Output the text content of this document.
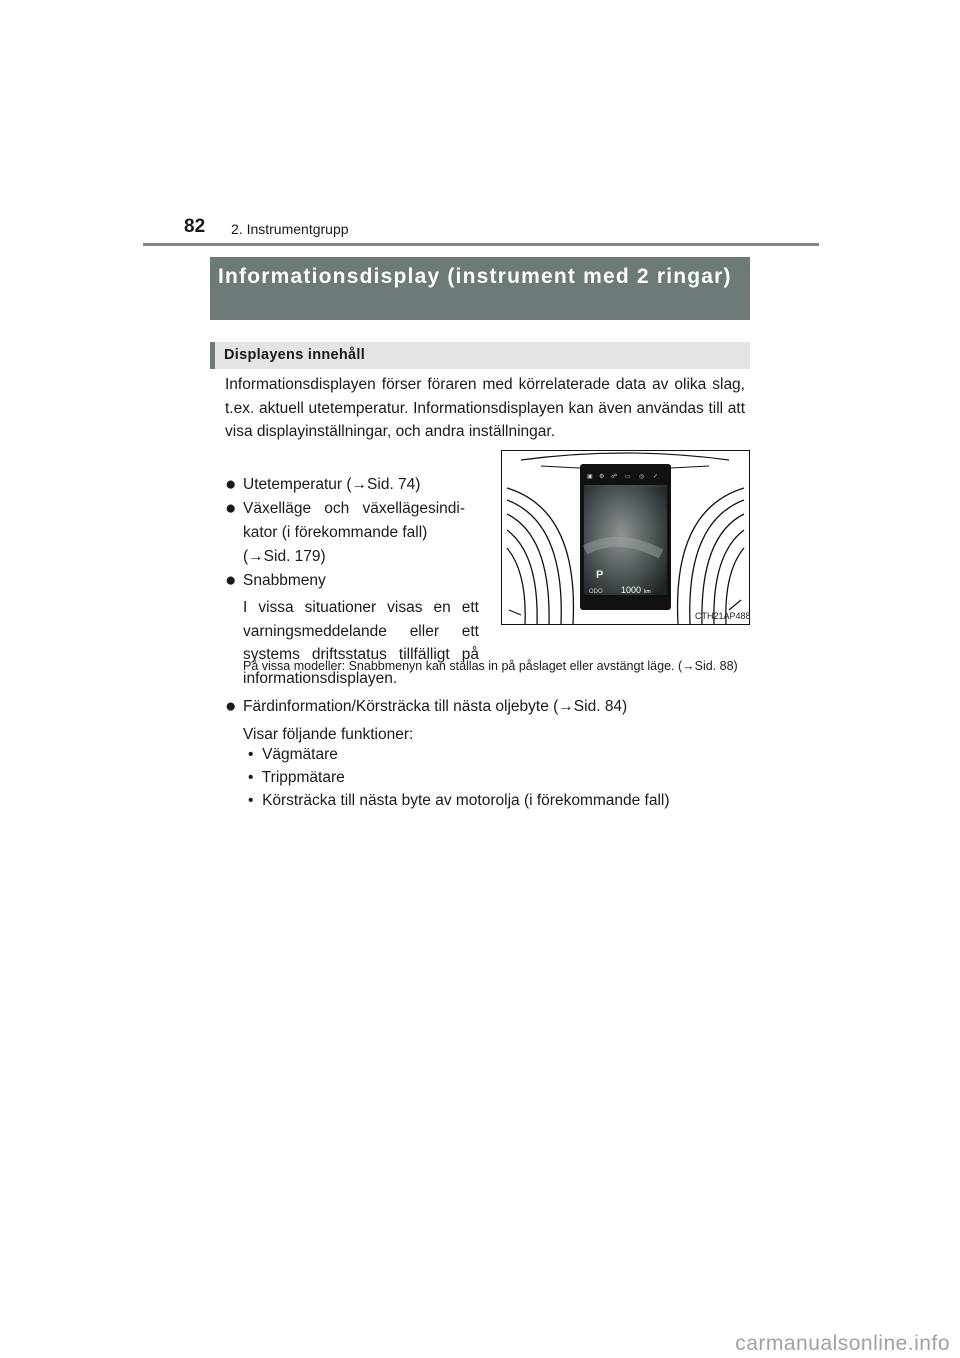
82 2. Instrumentgrupp
Informationsdisplay (instrument med 2 ringar)
Displayens innehåll
Informationsdisplayen förser föraren med körrelaterade data av olika slag, t.ex. aktuell utetemperatur. Informationsdisplayen kan även användas till att visa displayinställningar, och andra inställningar.
● Utetemperatur (→Sid. 74)
● Växelläge och växellägesindi-
kator (i förekommande fall)
(→Sid. 179)
● Snabbmeny
I vissa situationer visas en ett varningsmeddelande eller ett systems driftsstatus tillfälligt på informationsdisplayen.
På vissa modeller: Snabbmenyn kan ställas in på påslaget eller avstängt läge. (→Sid. 88)
● Färdinformation/Körsträcka till nästa oljebyte (→Sid. 84)
Visar följande funktioner:
• Vägmätare
• Trippmätare
• Körsträcka till nästa byte av motorolja (i förekommande fall)
▣ ⚙ ☍ ▭ ◎ ✓
P
ODO 1000 km
CTH21AP488
carmanualsonline.info
